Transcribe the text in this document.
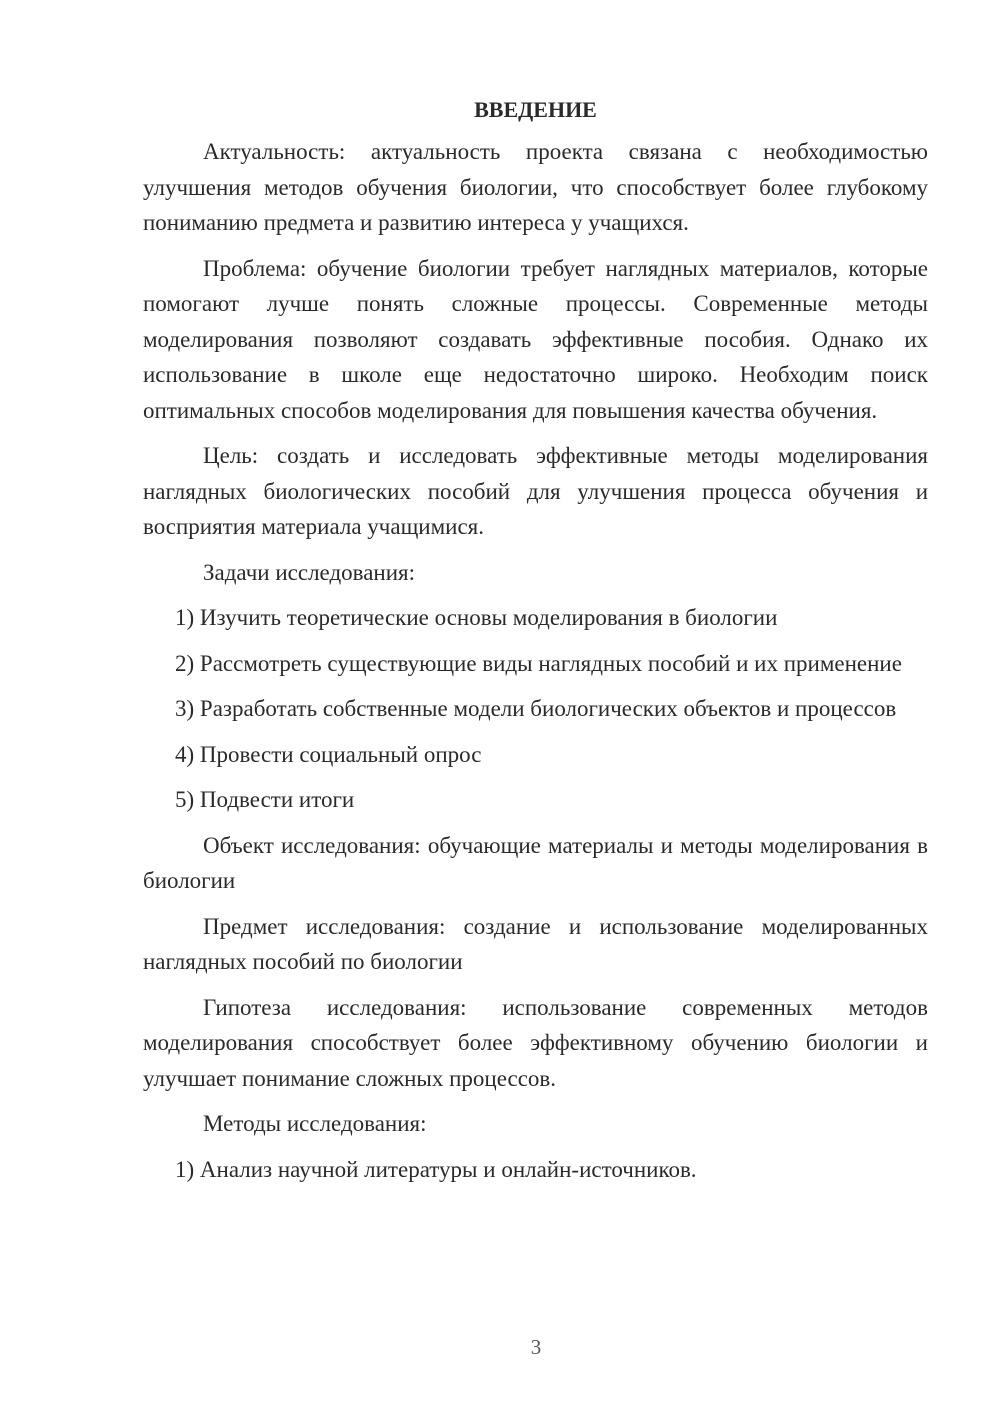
ВВЕДЕНИЕ

Актуальность: актуальность проекта связана с необходимостью улучшения методов обучения биологии, что способствует более глубокому пониманию предмета и развитию интереса у учащихся.

Проблема: обучение биологии требует наглядных материалов, которые помогают лучше понять сложные процессы. Современные методы моделирования позволяют создавать эффективные пособия. Однако их использование в школе еще недостаточно широко. Необходим поиск оптимальных способов моделирования для повышения качества обучения.

Цель: создать и исследовать эффективные методы моделирования наглядных биологических пособий для улучшения процесса обучения и восприятия материала учащимися.

Задачи исследования:

1) Изучить теоретические основы моделирования в биологии

2) Рассмотреть существующие виды наглядных пособий и их применение

3) Разработать собственные модели биологических объектов и процессов

4) Провести социальный опрос

5) Подвести итоги

Объект исследования: обучающие материалы и методы моделирования в биологии

Предмет исследования: создание и использование моделированных наглядных пособий по биологии

Гипотеза исследования: использование современных методов моделирования способствует более эффективному обучению биологии и улучшает понимание сложных процессов.

Методы исследования:

1) Анализ научной литературы и онлайн-источников.

3
